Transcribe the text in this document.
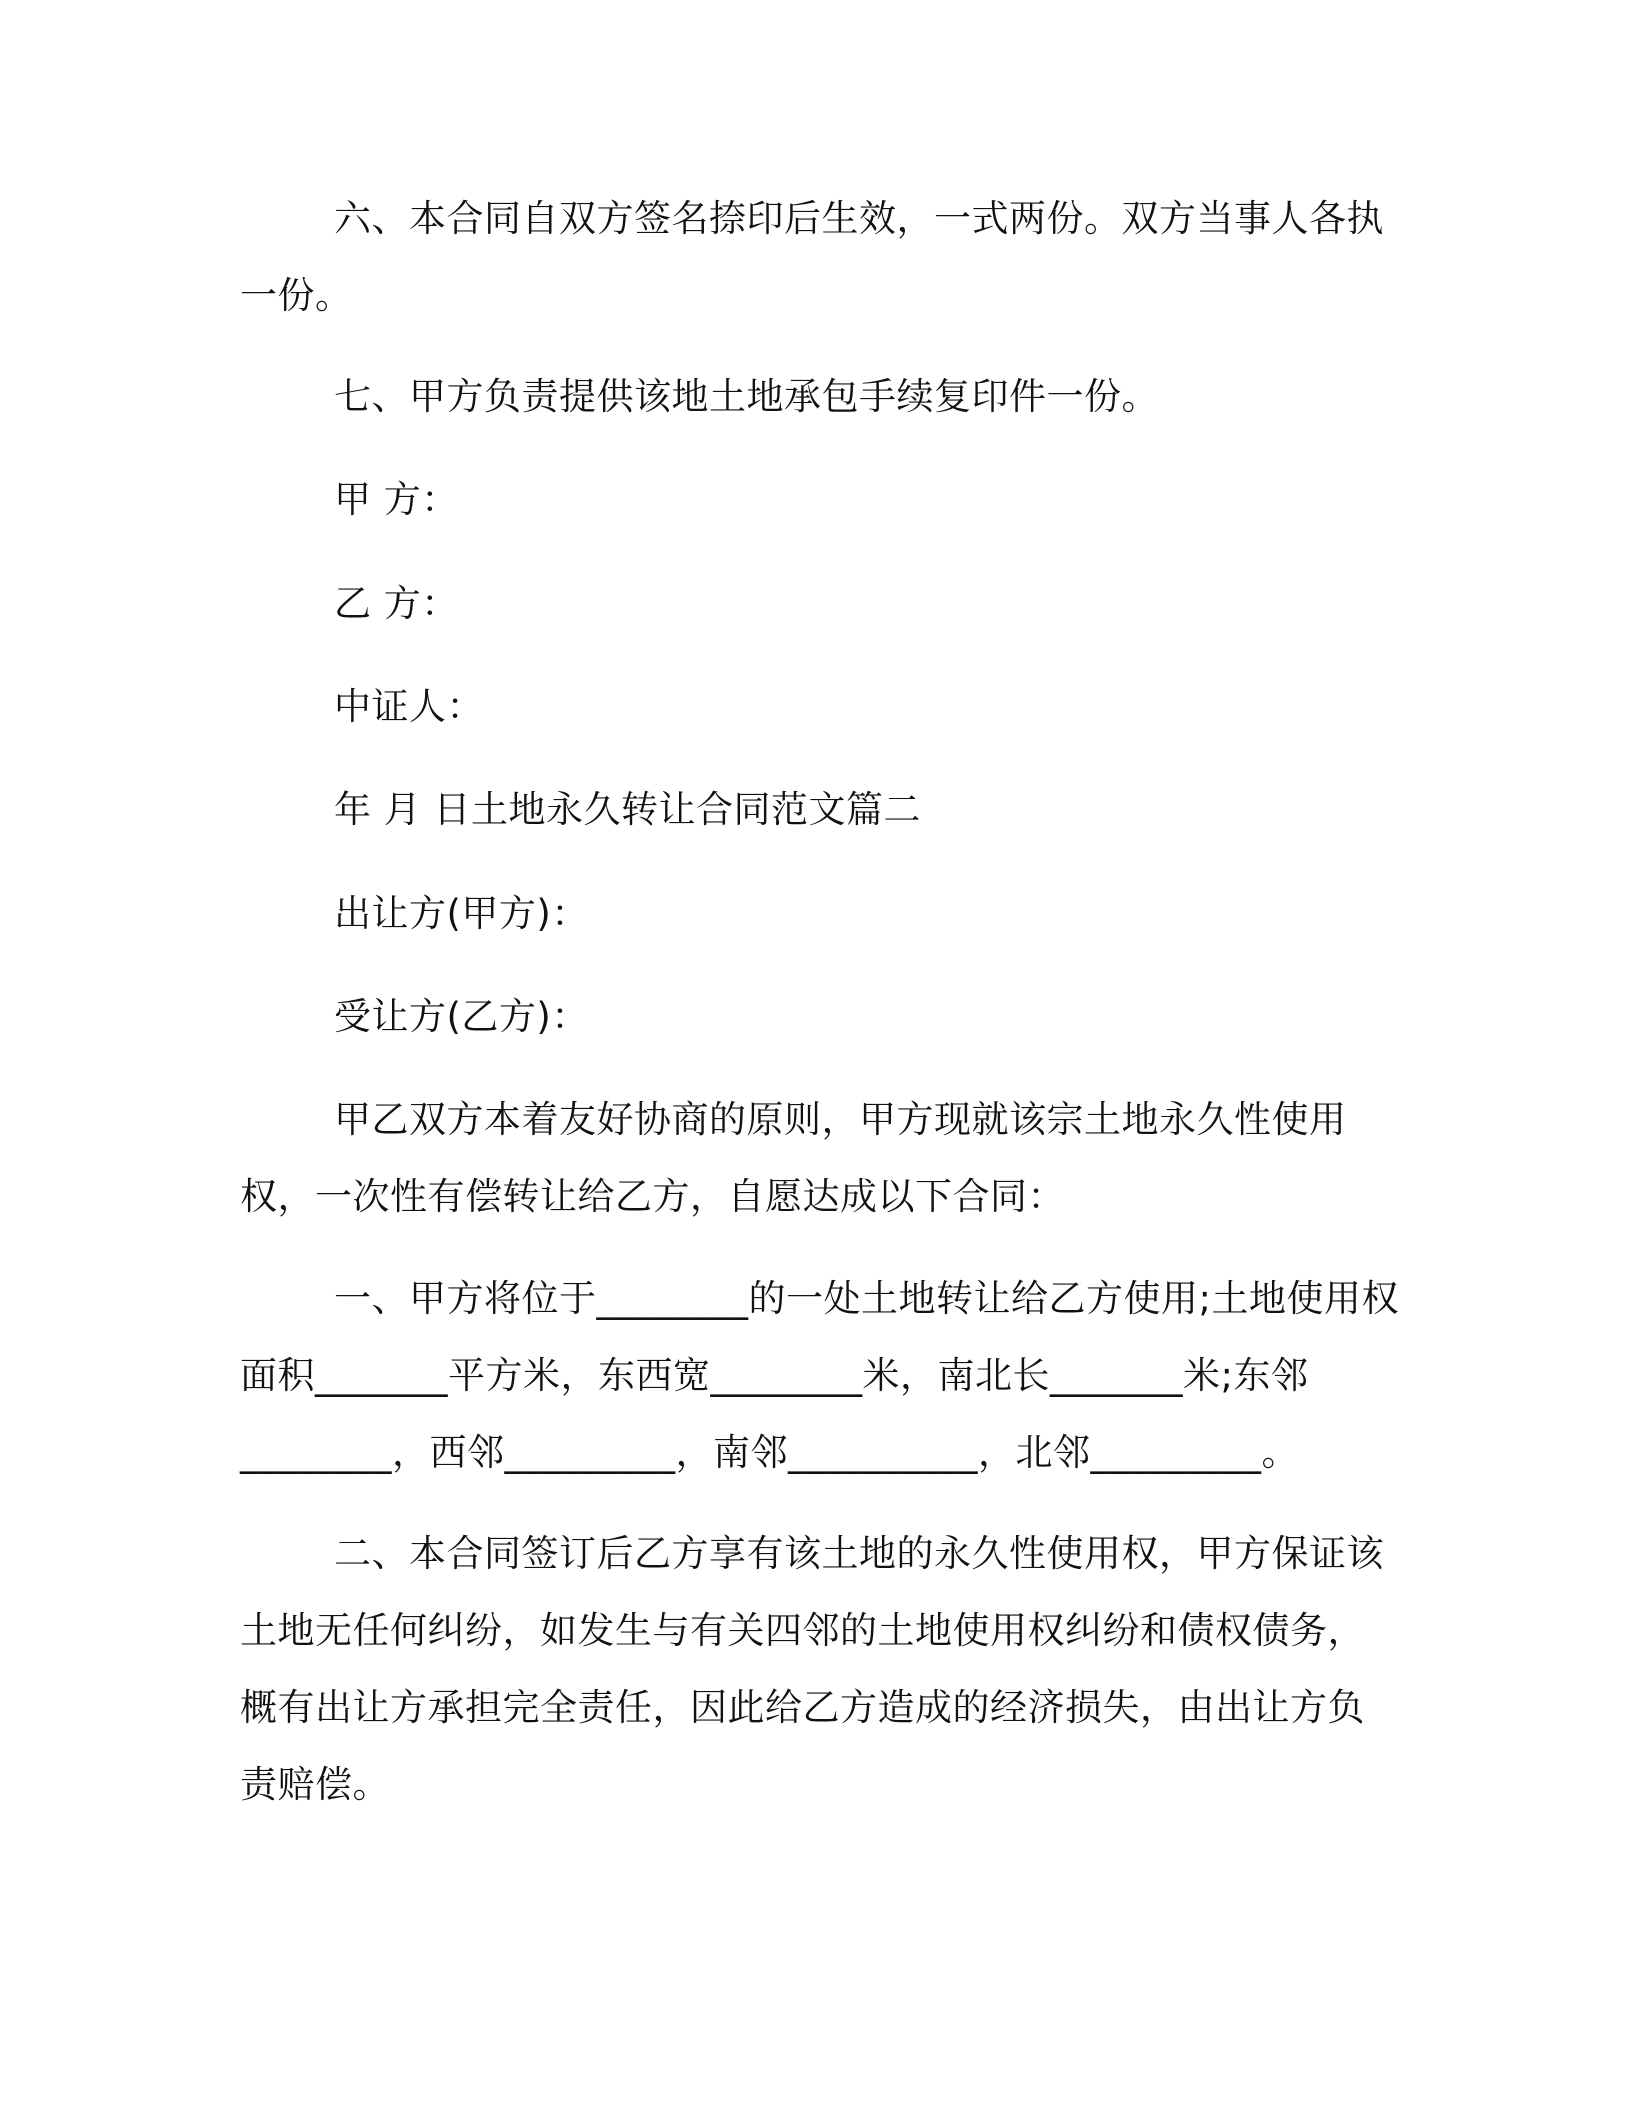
六、本合同自双方签名捺印后生效，一式两份。双方当事人各执一份。

七、甲方负责提供该地土地承包手续复印件一份。

甲 方：

乙 方：

中证人：

年 月 日土地永久转让合同范文篇二

出让方(甲方)：

受让方(乙方)：

甲乙双方本着友好协商的原则，甲方现就该宗土地永久性使用权，一次性有偿转让给乙方，自愿达成以下合同：

一、甲方将位于________的一处土地转让给乙方使用;土地使用权面积_______平方米，东西宽________米，南北长_______米;东邻________，西邻_________，南邻__________，北邻_________。

二、本合同签订后乙方享有该土地的永久性使用权，甲方保证该土地无任何纠纷，如发生与有关四邻的土地使用权纠纷和债权债务，概有出让方承担完全责任，因此给乙方造成的经济损失，由出让方负责赔偿。
